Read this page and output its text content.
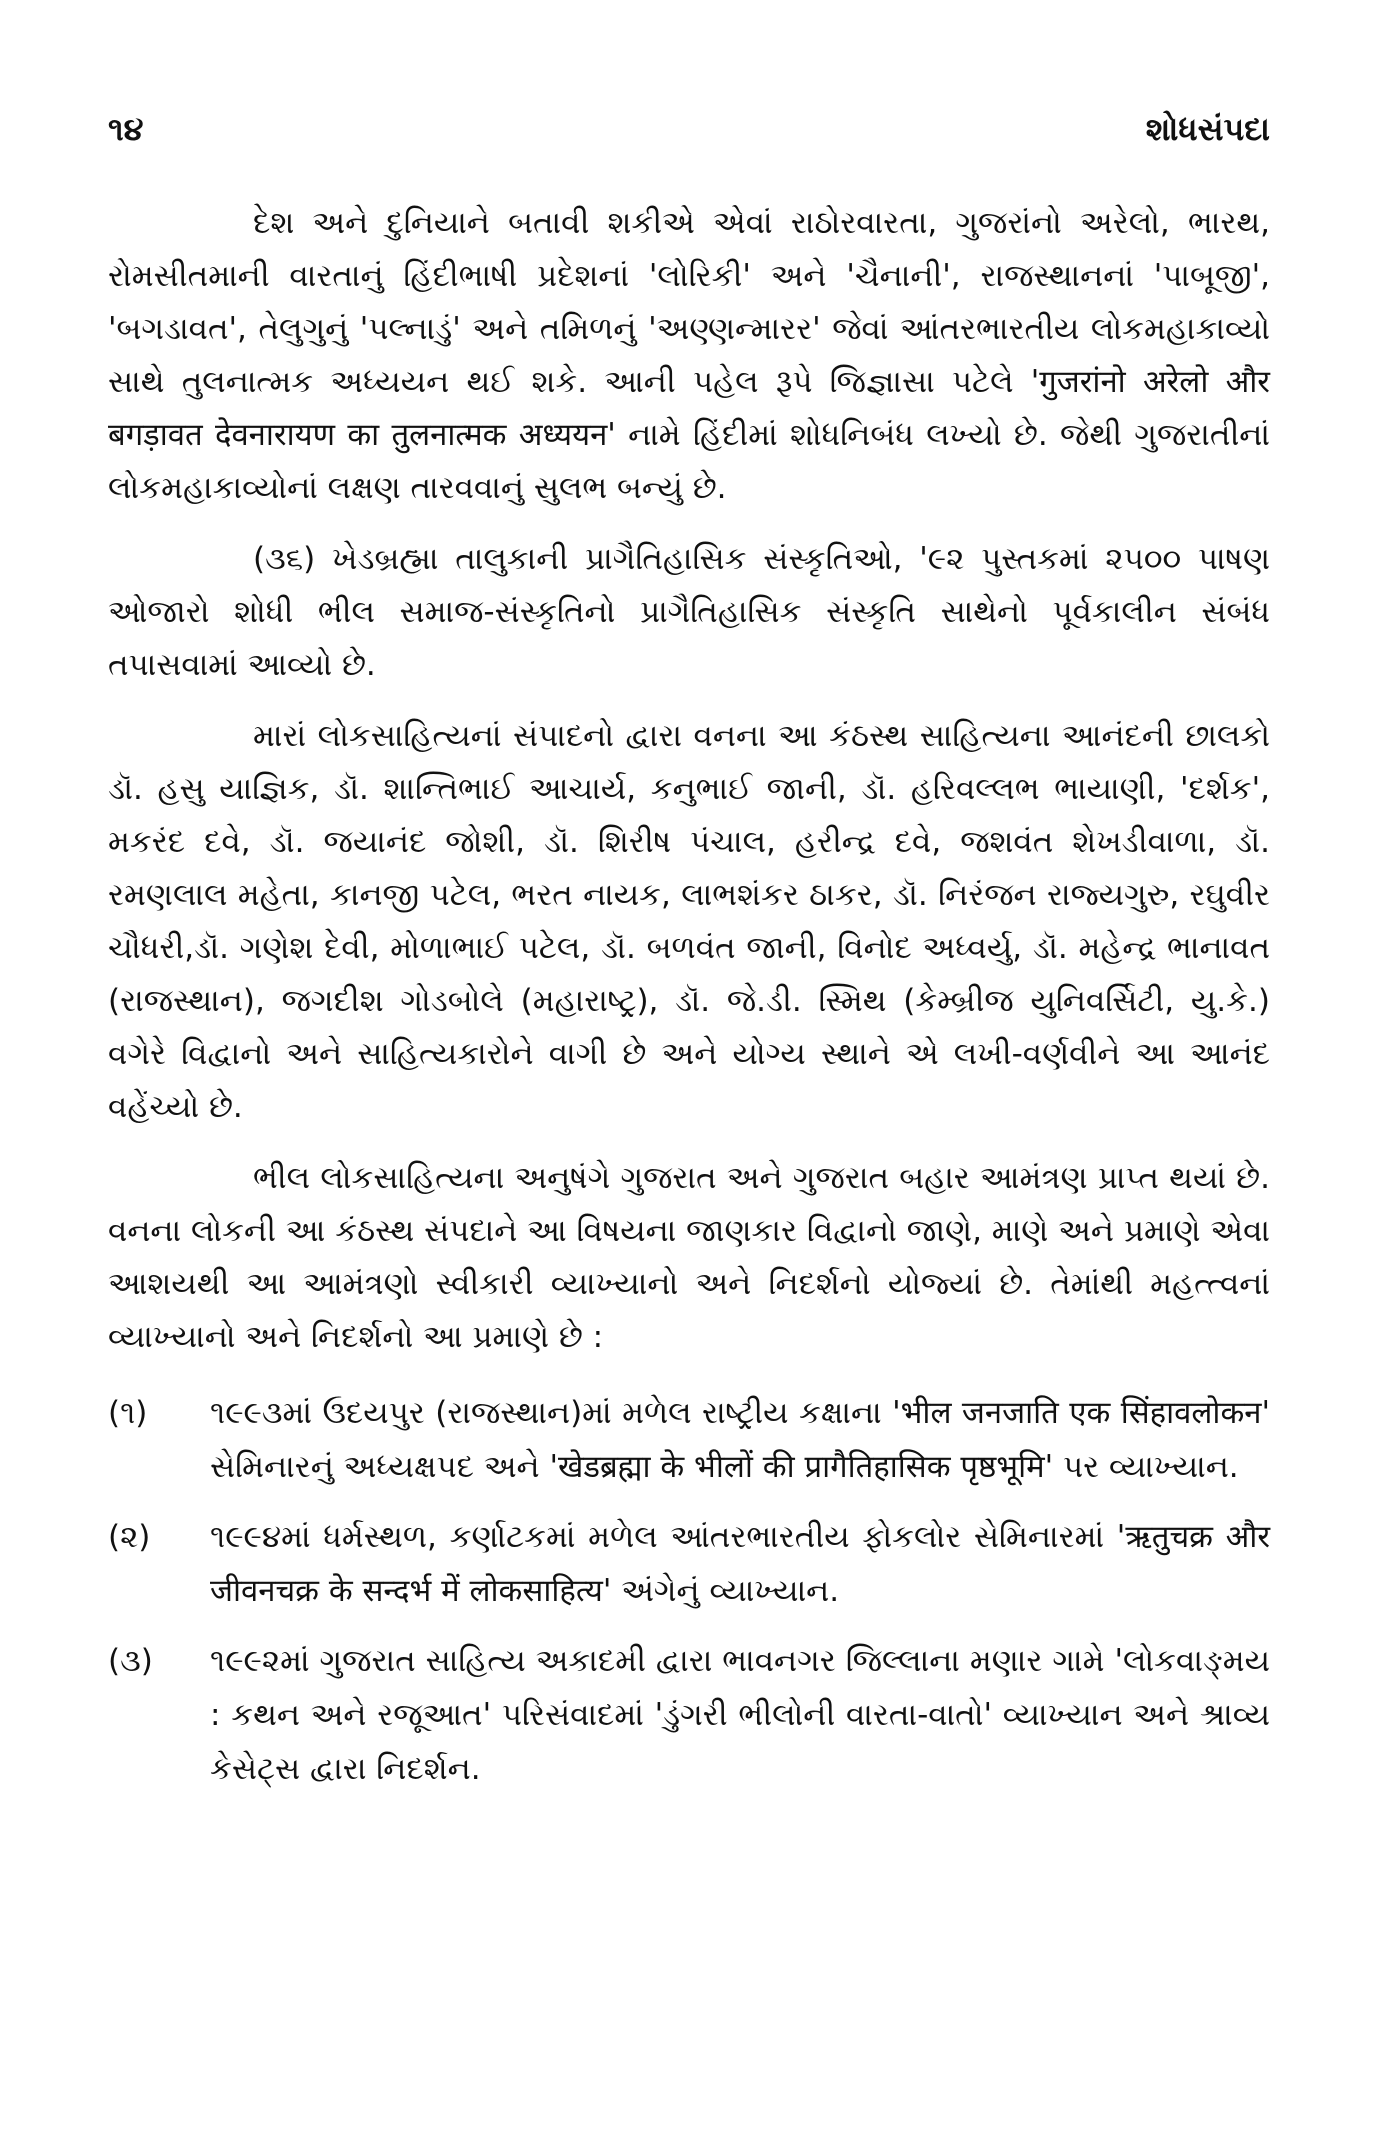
૧૪	શોધસંપદા

દેશ અને દુનિયાને બતાવી શકીએ એવાં રાઠોરવારતા, ગુજરાંનો અરેલો, ભારથ, રોમસીતમાની વારતાનું હિંદીભાષી પ્રદેશનાં 'લોરિકી' અને 'ચૈનાની', રાજસ્થાનનાં 'પાબૂજી', 'બગડાવત', તેલુગુનું 'પલ્નાડું' અને તમિળનું 'અણ્ણન્મારર' જેવાં આંતરભારતીય લોકમહાકાવ્યો સાથે તુલનાત્મક અધ્યયન થઈ શકે. આની પહેલ રૂપે જિજ્ઞાસા પટેલે 'गुजरांनो अरेलो और बगड़ावत देवनारायण का तुलनात्मक अध्ययन' નામે હિંદીમાં શોધનિબંધ લખ્યો છે. જેથી ગુજરાતીનાં લોકમહાકાવ્યોનાં લક્ષણ તારવવાનું સુલભ બન્યું છે.

(૩૬) ખેડબ્રહ્મા તાલુકાની પ્રાગૈતિહાસિક સંસ્કૃતિઓ, '૯૨ પુસ્તકમાં ૨૫૦૦ પાષણ ઓજારો શોધી ભીલ સમાજ-સંસ્કૃતિનો પ્રાગૈતિહાસિક સંસ્કૃતિ સાથેનો પૂર્વકાલીન સંબંધ તપાસવામાં આવ્યો છે.

મારાં લોકસાહિત્યનાં સંપાદનો દ્વારા વનના આ કંઠસ્થ સાહિત્યના આનંદની છાલકો ડૉ. હસુ યાજ્ઞિક, ડૉ. શાન્તિભાઈ આચાર્ય, કનુભાઈ જાની, ડૉ. હરિવલ્લભ ભાયાણી, 'દર્શક', મકરંદ દવે, ડૉ. જયાનંદ જોશી, ડૉ. શિરીષ પંચાલ, હરીન્દ્ર દવે, જશવંત શેખડીવાળા, ડૉ. રમણલાલ મહેતા, કાનજી પટેલ, ભરત નાયક, લાભશંકર ઠાકર, ડૉ. નિરંજન રાજ્યગુરુ, રઘુવીર ચૌધરી,ડૉ. ગણેશ દેવી, મોળાભાઈ પટેલ, ડૉ. બળવંત જાની, વિનોદ અધ્વર્યુ, ડૉ. મહેન્દ્ર ભાનાવત (રાજસ્થાન), જગદીશ ગોડબોલે (મહારાષ્ટ્ર), ડૉ. જે.ડી. સ્મિથ (કેમ્બ્રીજ યુનિવર્સિટી, યુ.કે.) વગેરે વિદ્વાનો અને સાહિત્યકારોને વાગી છે અને યોગ્ય સ્થાને એ લખી-વર્ણવીને આ આનંદ વહેંચ્યો છે.

ભીલ લોકસાહિત્યના અનુષંગે ગુજરાત અને ગુજરાત બહાર આમંત્રણ પ્રાપ્ત થયાં છે. વનના લોકની આ કંઠસ્થ સંપદાને આ વિષયના જાણકાર વિદ્વાનો જાણે, માણે અને પ્રમાણે એવા આશયથી આ આમંત્રણો સ્વીકારી વ્યાખ્યાનો અને નિદર્શનો યોજ્યાં છે. તેમાંથી મહત્ત્વનાં વ્યાખ્યાનો અને નિદર્શનો આ પ્રમાણે છે :

(૧)	૧૯૯૩માં ઉદયપુર (રાજસ્થાન)માં મળેલ રાષ્ટ્રીય કક્ષાના 'भील जनजाति एक सिंहावलोकन' સેમિનારનું અધ્યક્ષપદ અને 'खेडब्रह्मा के भीलों की प्रागैतिहासिक पृष्ठभूमि' પર વ્યાખ્યાન.
(૨)	૧૯૯૪માં ધર્મસ્થળ, કર્ણાટકમાં મળેલ આંતરભારતીય ફોકલોર સેમિનારમાં 'ऋतुचक्र और जीवनचक्र के सन्दर्भ में लोकसाहित्य' અંગેનું વ્યાખ્યાન.
(૩)	૧૯૯૨માં ગુજરાત સાહિત્ય અકાદમી દ્વારા ભાવનગર જિલ્લાના મણાર ગામે 'લોકવાઙ્મય : કથન અને રજૂઆત' પરિસંવાદમાં 'ડુંગરી ભીલોની વારતા-વાતો' વ્યાખ્યાન અને શ્રાવ્ય કેસેટ્સ દ્વારા નિદર્શન.
